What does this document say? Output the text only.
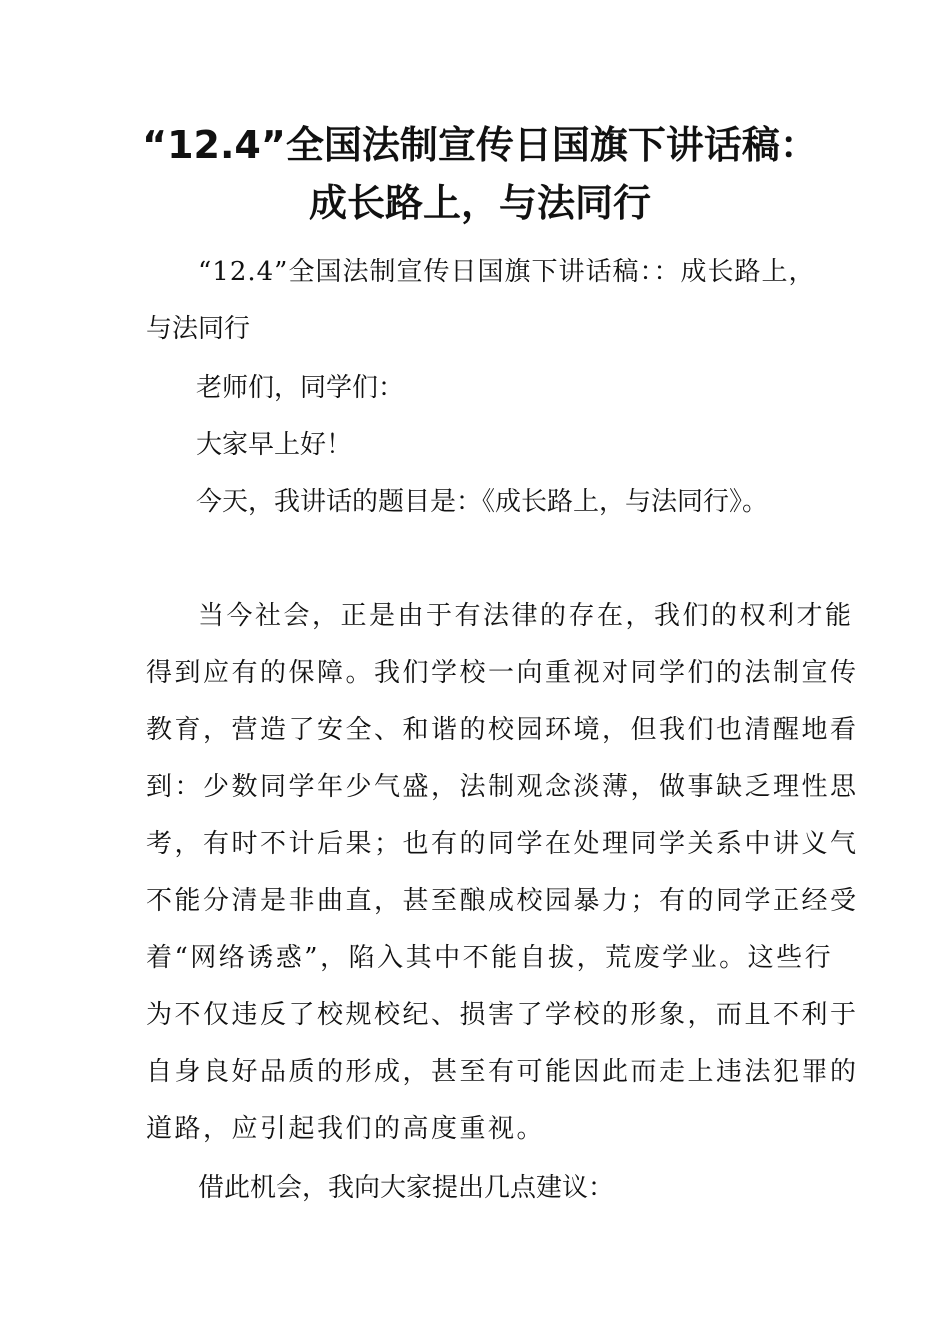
“12.4”全国法制宣传日国旗下讲话稿：
成长路上，与法同行
“12.4”全国法制宣传日国旗下讲话稿：：成长路上，
与法同行
老师们，同学们：
大家早上好！
今天，我讲话的题目是：《成长路上，与法同行》。
当今社会，正是由于有法律的存在，我们的权利才能
得到应有的保障。我们学校一向重视对同学们的法制宣传
教育，营造了安全、和谐的校园环境，但我们也清醒地看
到：少数同学年少气盛，法制观念淡薄，做事缺乏理性思
考，有时不计后果；也有的同学在处理同学关系中讲义气
不能分清是非曲直，甚至酿成校园暴力；有的同学正经受
着“网络诱惑”，陷入其中不能自拔，荒废学业。这些行
为不仅违反了校规校纪、损害了学校的形象，而且不利于
自身良好品质的形成，甚至有可能因此而走上违法犯罪的
道路，应引起我们的高度重视。
借此机会，我向大家提出几点建议：
